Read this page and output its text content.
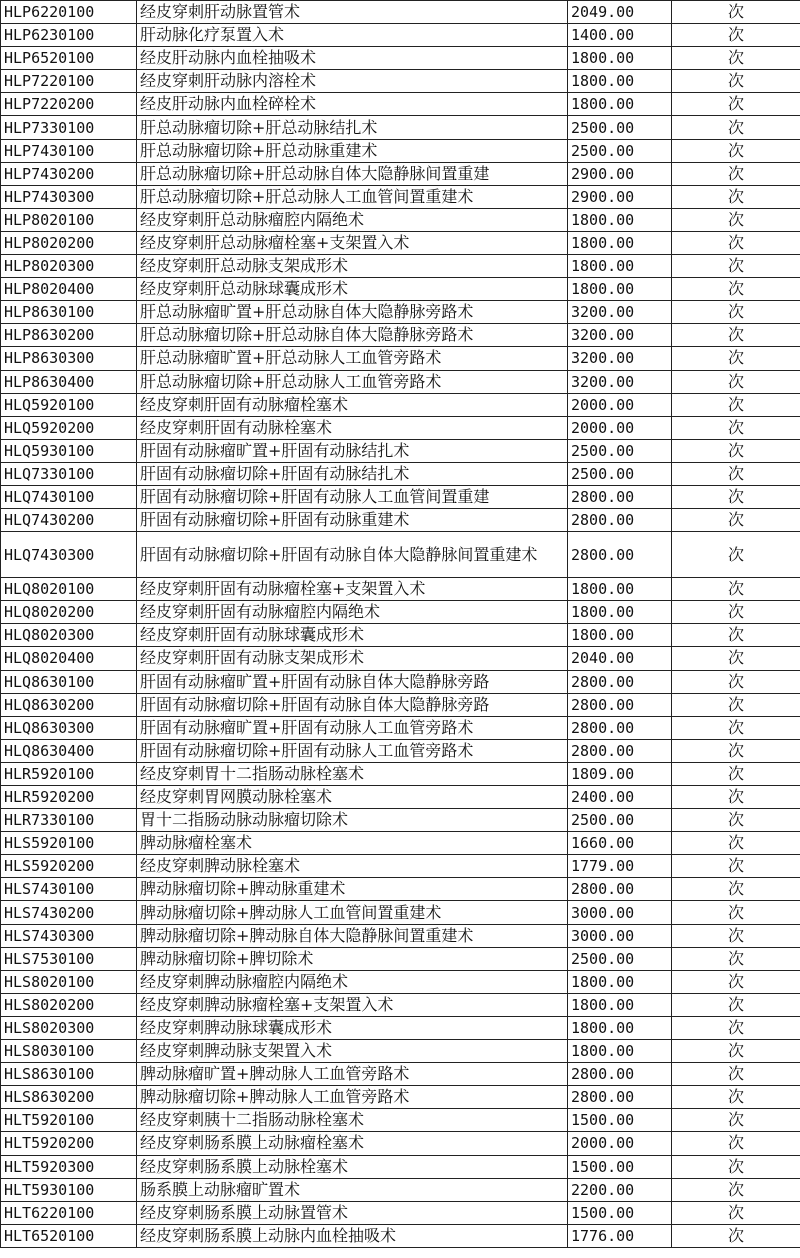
HLP6220100	经皮穿刺肝动脉置管术	2049.00	次
HLP6230100	肝动脉化疗泵置入术	1400.00	次
HLP6520100	经皮肝动脉内血栓抽吸术	1800.00	次
HLP7220100	经皮穿刺肝动脉内溶栓术	1800.00	次
HLP7220200	经皮肝动脉内血栓碎栓术	1800.00	次
HLP7330100	肝总动脉瘤切除+肝总动脉结扎术	2500.00	次
HLP7430100	肝总动脉瘤切除+肝总动脉重建术	2500.00	次
HLP7430200	肝总动脉瘤切除+肝总动脉自体大隐静脉间置重建	2900.00	次
HLP7430300	肝总动脉瘤切除+肝总动脉人工血管间置重建术	2900.00	次
HLP8020100	经皮穿刺肝总动脉瘤腔内隔绝术	1800.00	次
HLP8020200	经皮穿刺肝总动脉瘤栓塞+支架置入术	1800.00	次
HLP8020300	经皮穿刺肝总动脉支架成形术	1800.00	次
HLP8020400	经皮穿刺肝总动脉球囊成形术	1800.00	次
HLP8630100	肝总动脉瘤旷置+肝总动脉自体大隐静脉旁路术	3200.00	次
HLP8630200	肝总动脉瘤切除+肝总动脉自体大隐静脉旁路术	3200.00	次
HLP8630300	肝总动脉瘤旷置+肝总动脉人工血管旁路术	3200.00	次
HLP8630400	肝总动脉瘤切除+肝总动脉人工血管旁路术	3200.00	次
HLQ5920100	经皮穿刺肝固有动脉瘤栓塞术	2000.00	次
HLQ5920200	经皮穿刺肝固有动脉栓塞术	2000.00	次
HLQ5930100	肝固有动脉瘤旷置+肝固有动脉结扎术	2500.00	次
HLQ7330100	肝固有动脉瘤切除+肝固有动脉结扎术	2500.00	次
HLQ7430100	肝固有动脉瘤切除+肝固有动脉人工血管间置重建	2800.00	次
HLQ7430200	肝固有动脉瘤切除+肝固有动脉重建术	2800.00	次
HLQ7430300	肝固有动脉瘤切除+肝固有动脉自体大隐静脉间置重建术	2800.00	次
HLQ8020100	经皮穿刺肝固有动脉瘤栓塞+支架置入术	1800.00	次
HLQ8020200	经皮穿刺肝固有动脉瘤腔内隔绝术	1800.00	次
HLQ8020300	经皮穿刺肝固有动脉球囊成形术	1800.00	次
HLQ8020400	经皮穿刺肝固有动脉支架成形术	2040.00	次
HLQ8630100	肝固有动脉瘤旷置+肝固有动脉自体大隐静脉旁路	2800.00	次
HLQ8630200	肝固有动脉瘤切除+肝固有动脉自体大隐静脉旁路	2800.00	次
HLQ8630300	肝固有动脉瘤旷置+肝固有动脉人工血管旁路术	2800.00	次
HLQ8630400	肝固有动脉瘤切除+肝固有动脉人工血管旁路术	2800.00	次
HLR5920100	经皮穿刺胃十二指肠动脉栓塞术	1809.00	次
HLR5920200	经皮穿刺胃网膜动脉栓塞术	2400.00	次
HLR7330100	胃十二指肠动脉动脉瘤切除术	2500.00	次
HLS5920100	脾动脉瘤栓塞术	1660.00	次
HLS5920200	经皮穿刺脾动脉栓塞术	1779.00	次
HLS7430100	脾动脉瘤切除+脾动脉重建术	2800.00	次
HLS7430200	脾动脉瘤切除+脾动脉人工血管间置重建术	3000.00	次
HLS7430300	脾动脉瘤切除+脾动脉自体大隐静脉间置重建术	3000.00	次
HLS7530100	脾动脉瘤切除+脾切除术	2500.00	次
HLS8020100	经皮穿刺脾动脉瘤腔内隔绝术	1800.00	次
HLS8020200	经皮穿刺脾动脉瘤栓塞+支架置入术	1800.00	次
HLS8020300	经皮穿刺脾动脉球囊成形术	1800.00	次
HLS8030100	经皮穿刺脾动脉支架置入术	1800.00	次
HLS8630100	脾动脉瘤旷置+脾动脉人工血管旁路术	2800.00	次
HLS8630200	脾动脉瘤切除+脾动脉人工血管旁路术	2800.00	次
HLT5920100	经皮穿刺胰十二指肠动脉栓塞术	1500.00	次
HLT5920200	经皮穿刺肠系膜上动脉瘤栓塞术	2000.00	次
HLT5920300	经皮穿刺肠系膜上动脉栓塞术	1500.00	次
HLT5930100	肠系膜上动脉瘤旷置术	2200.00	次
HLT6220100	经皮穿刺肠系膜上动脉置管术	1500.00	次
HLT6520100	经皮穿刺肠系膜上动脉内血栓抽吸术	1776.00	次
